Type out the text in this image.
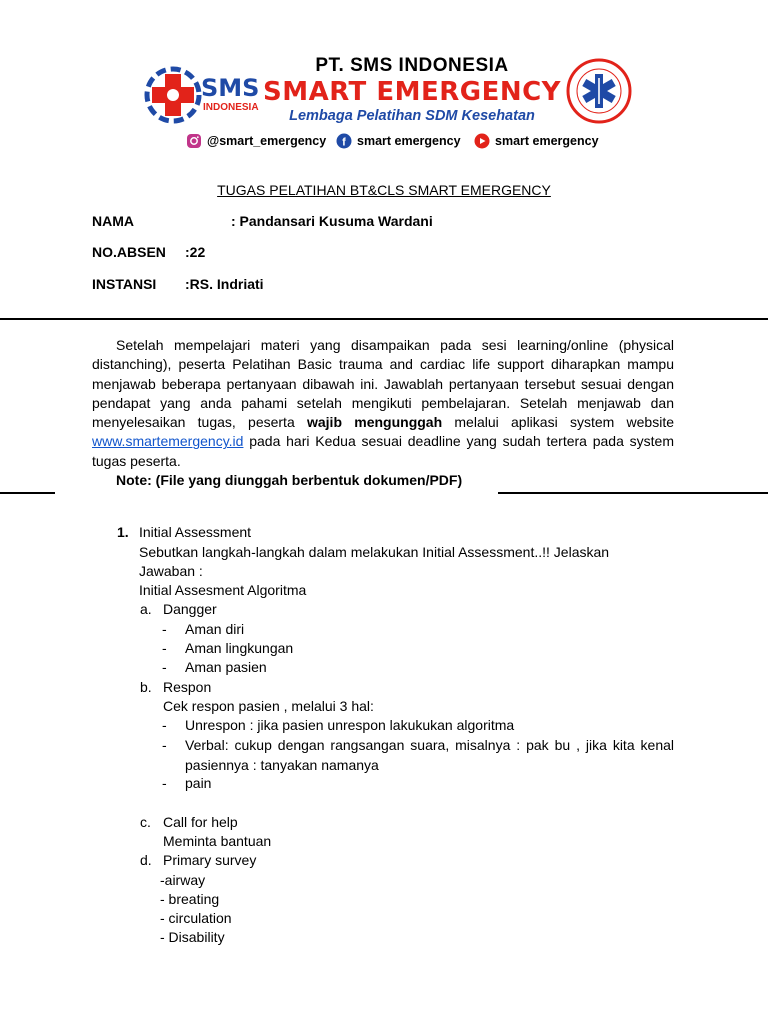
SMS
INDONESIA
PT. SMS INDONESIA
SMART EMERGENCY
Lembaga Pelatihan SDM Kesehatan
@smart_emergency f smart emergency	smart emergency
TUGAS PELATIHAN BT&CLS SMART EMERGENCY
NAMA	: Pandansari Kusuma Wardani
NO.ABSEN :22
INSTANSI :RS. Indriati

Setelah mempelajari materi yang disampaikan pada sesi learning/online (physical distanching), peserta Pelatihan Basic trauma and cardiac life support diharapkan mampu menjawab beberapa pertanyaan dibawah ini. Jawablah pertanyaan tersebut sesuai dengan pendapat yang anda pahami setelah mengikuti pembelajaran. Setelah menjawab dan menyelesaikan tugas, peserta wajib mengunggah melalui aplikasi system website www.smartemergency.id pada hari Kedua sesuai deadline yang sudah tertera pada system tugas peserta.

Note: (File yang diunggah berbentuk dokumen/PDF)
1. Initial Assessment
Sebutkan langkah-langkah dalam melakukan Initial Assessment..!! Jelaskan
Jawaban :
Initial Assesment Algoritma
a. Dangger
- Aman diri
- Aman lingkungan
- Aman pasien
b. Respon
Cek respon pasien , melalui 3 hal:
- Unrespon : jika pasien unrespon lakukukan algoritma
- Verbal: cukup dengan rangsangan suara, misalnya : pak bu , jika kita kenal pasiennya : tanyakan namanya
- pain
c. Call for help
Meminta bantuan
d. Primary survey
-airway
- breating
- circulation
- Disability
